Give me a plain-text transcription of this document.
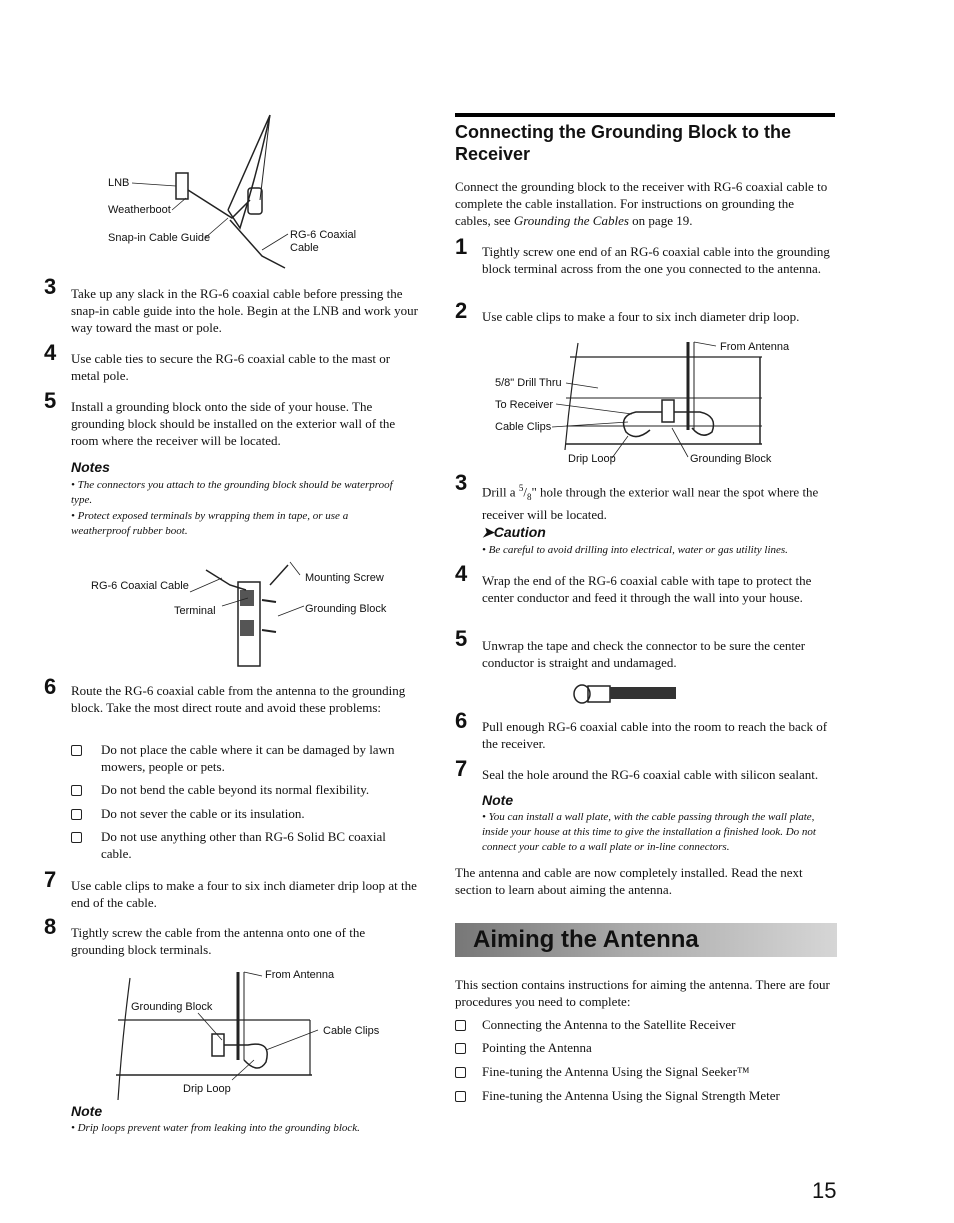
LNB
Weatherboot
Snap-in Cable Guide	RG-6 Coaxial
Cable
3 Take up any slack in the RG-6 coaxial cable before pressing the snap-in cable guide into the hole. Begin at the LNB and work your way toward the mast or pole.
4 Use cable ties to secure the RG-6 coaxial cable to the mast or metal pole.
5 Install a grounding block onto the side of your house. The grounding block should be installed on the exterior wall of the room where the receiver will be located.
Notes
• The connectors you attach to the grounding block should be waterproof type.
• Protect exposed terminals by wrapping them in tape, or use a weatherproof rubber boot.
RG-6 Coaxial Cable
Mounting Screw
Terminal	Grounding Block
6 Route the RG-6 coaxial cable from the antenna to the grounding block. Take the most direct route and avoid these problems:
Do not place the cable where it can be damaged by lawn
mowers, people or pets.
Do not bend the cable beyond its normal flexibility.
Do not sever the cable or its insulation.
Do not use anything other than RG-6 Solid BC coaxial
cable.
7 Use cable clips to make a four to six inch diameter drip loop at the end of the cable.
8 Tightly screw the cable from the antenna onto one of the grounding block terminals.
From Antenna
Grounding Block
Cable Clips
Drip Loop
Note
• Drip loops prevent water from leaking into the grounding block.
Connecting the Grounding Block to the Receiver
Connect the grounding block to the receiver with RG-6 coaxial cable to complete the cable installation. For instructions on grounding the cables, see Grounding the Cables on page 19.
1 Tightly screw one end of an RG-6 coaxial cable into the grounding block terminal across from the one you connected to the antenna.
2 Use cable clips to make a four to six inch diameter drip loop.
From Antenna
5/8" Drill Thru
To Receiver
Cable Clips
Drip Loop	Grounding Block
3 Drill a $^5/_8$" hole through the exterior wall near the spot where the receiver will be located.
➤Caution
• Be careful to avoid drilling into electrical, water or gas utility lines.
4 Wrap the end of the RG-6 coaxial cable with tape to protect the center conductor and feed it through the wall into your house.
5 Unwrap the tape and check the connector to be sure the center conductor is straight and undamaged.
6 Pull enough RG-6 coaxial cable into the room to reach the back of the receiver.
7 Seal the hole around the RG-6 coaxial cable with silicon sealant.
Note
• You can install a wall plate, with the cable passing through the wall plate, inside your house at this time to give the installation a finished look. Do not connect your cable to a wall plate or in-line connectors.
The antenna and cable are now completely installed. Read the next section to learn about aiming the antenna.
Aiming the Antenna
This section contains instructions for aiming the antenna. There are four procedures you need to complete:
Connecting the Antenna to the Satellite Receiver
Pointing the Antenna
Fine-tuning the Antenna Using the Signal Seeker™
Fine-tuning the Antenna Using the Signal Strength Meter
15
